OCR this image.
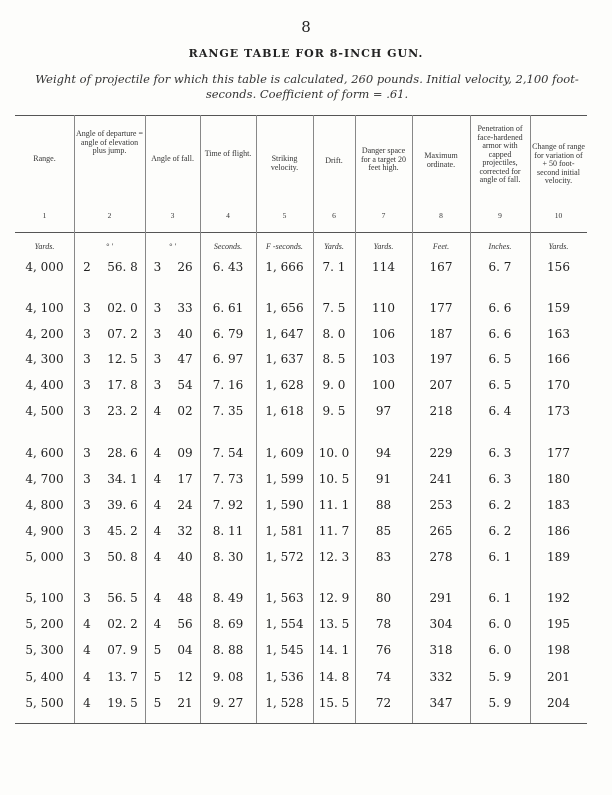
8
RANGE TABLE FOR 8-INCH GUN.
Weight of projectile for which this table is calculated, 260 pounds. Initial velocity, 2,100 foot-seconds. Coefficient of form = .61.
Range.
1
Yards.
Angle of departure = angle of elevation plus jump.
2
° ′
Angle of fall.
3
° ′
Time of flight.
4
Seconds.
Striking velocity.
5
F -seconds.
Drift.
6
Yards.
Danger space for a target 20 feet high.
7
Yards.
Maximum ordinate.
8
Feet.
Penetration of face-hardened armor with capped projectiles, corrected for angle of fall.
9
Inches.
Change of range for variation of + 50 foot-second initial velocity.
10
Yards.
4, 000	2	56. 8	3	26	6. 43	1, 666	7. 1	114	167	6. 7	156
4, 100	3	02. 0	3	33	6. 61	1, 656	7. 5	110	177	6. 6	159
4, 200	3	07. 2	3	40	6. 79	1, 647	8. 0	106	187	6. 6	163
4, 300	3	12. 5	3	47	6. 97	1, 637	8. 5	103	197	6. 5	166
4, 400	3	17. 8	3	54	7. 16	1, 628	9. 0	100	207	6. 5	170
4, 500	3	23. 2	4	02	7. 35	1, 618	9. 5	97	218	6. 4	173
4, 600	3	28. 6	4	09	7. 54	1, 609	10. 0	94	229	6. 3	177
4, 700	3	34. 1	4	17	7. 73	1, 599	10. 5	91	241	6. 3	180
4, 800	3	39. 6	4	24	7. 92	1, 590	11. 1	88	253	6. 2	183
4, 900	3	45. 2	4	32	8. 11	1, 581	11. 7	85	265	6. 2	186
5, 000	3	50. 8	4	40	8. 30	1, 572	12. 3	83	278	6. 1	189
5, 100	3	56. 5	4	48	8. 49	1, 563	12. 9	80	291	6. 1	192
5, 200	4	02. 2	4	56	8. 69	1, 554	13. 5	78	304	6. 0	195
5, 300	4	07. 9	5	04	8. 88	1, 545	14. 1	76	318	6. 0	198
5, 400	4	13. 7	5	12	9. 08	1, 536	14. 8	74	332	5. 9	201
5, 500	4	19. 5	5	21	9. 27	1, 528	15. 5	72	347	5. 9	204
